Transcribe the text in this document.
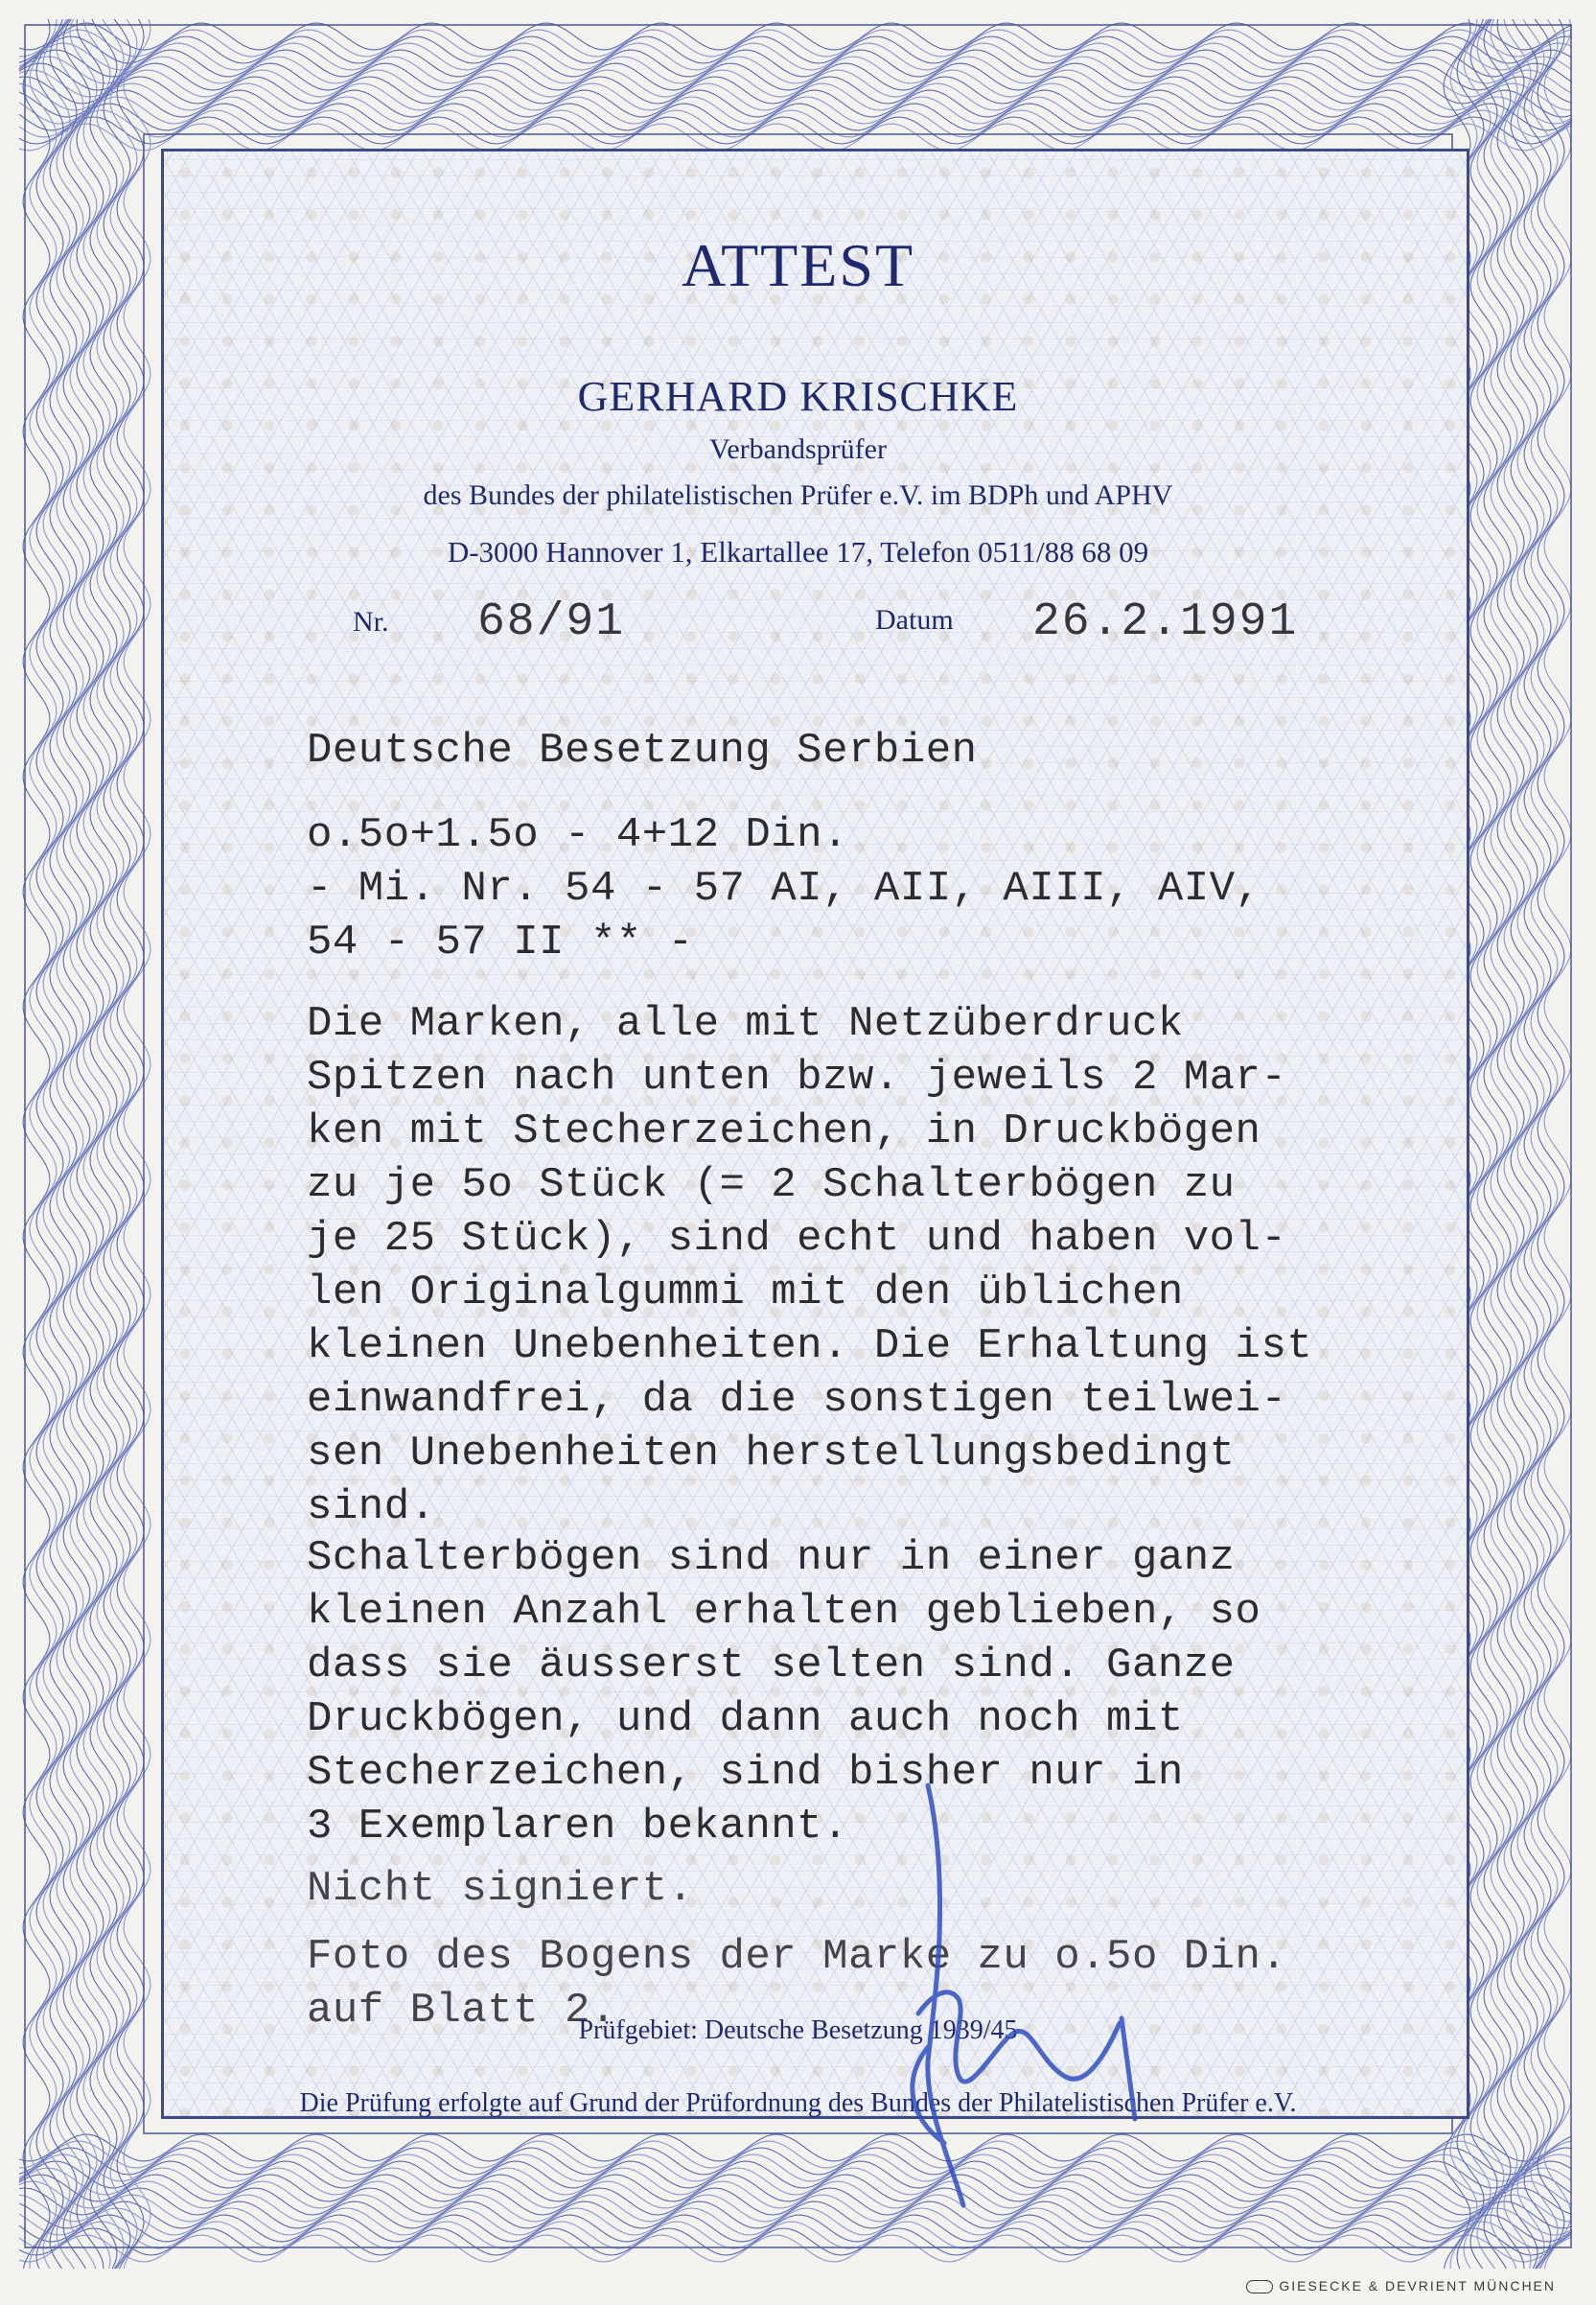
ATTEST
GERHARD KRISCHKE
Verbandsprüfer
des Bundes der philatelistischen Prüfer e.V. im BDPh und APHV
D-3000 Hannover 1, Elkartallee 17, Telefon 0511/88 68 09
Nr. 68/91	Datum 26.2.1991
Deutsche Besetzung Serbien
o.5o+1.5o - 4+12 Din.
- Mi. Nr. 54 - 57 AI, AII, AIII, AIV,
54 - 57 II ** -
Die Marken, alle mit Netzüberdruck
Spitzen nach unten bzw. jeweils 2 Mar-
ken mit Stecherzeichen, in Druckbögen
zu je 5o Stück (= 2 Schalterbögen zu
je 25 Stück), sind echt und haben vol-
len Originalgummi mit den üblichen
kleinen Unebenheiten. Die Erhaltung ist
einwandfrei, da die sonstigen teilwei-
sen Unebenheiten herstellungsbedingt
sind.
Schalterbögen sind nur in einer ganz
kleinen Anzahl erhalten geblieben, so
dass sie äusserst selten sind. Ganze
Druckbögen, und dann auch noch mit
Stecherzeichen, sind bisher nur in
3 Exemplaren bekannt.
Nicht signiert.
Foto des Bogens der Marke zu o.5o Din.
auf Blatt 2.
Prüfgebiet: Deutsche Besetzung 1939/45
Die Prüfung erfolgte auf Grund der Prüfordnung des Bundes der Philatelistischen Prüfer e.V.
GIESECKE & DEVRIENT MÜNCHEN
